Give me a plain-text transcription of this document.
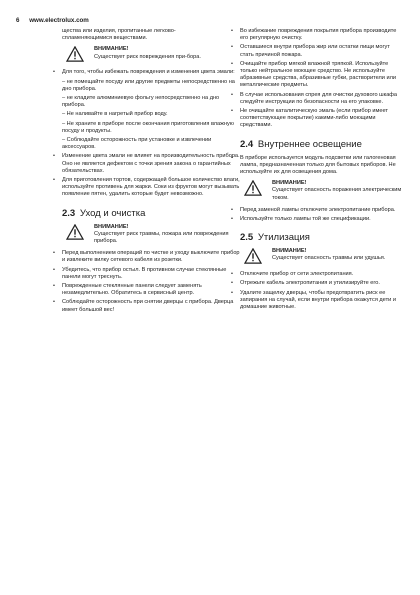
6 www.electrolux.com

щества или изделия, пропитанные легково-

спламеняющимися веществами.

ВНИМАНИЕ!
Существует риск повреждения при-бора.
• Для того, чтобы избежать повреждения и изменения цвета эмали:
– не помещайте посуду или другие предметы непосредственно на дно прибора.
– не кладите алюминиевую фольгу непосредственно на дно прибора.
– Не наливайте в нагретый прибор воду.
– Не храните в приборе после окончания приготовления влажную посуду и продукты.
– Соблюдайте осторожность при установке и извлечении аксессуаров.
• Изменение цвета эмали не влияет на производительность прибора. Оно не является дефектом с точки зрения закона о гарантийных обязательствах.
• Для приготовления тортов, содержащей большое количество влаги, используйте противень для жарки. Соки из фруктов могут вызывать появление пятен, удалить которые будет невозможно.
2.3 Уход и очистка
ВНИМАНИЕ!
Существует риск травмы, пожара или повреждения прибора.
• Перед выполнением операций по чистке и уходу выключите прибор и извлеките вилку сетевого кабеля из розетки.
• Убедитесь, что прибор остыл. В противном случае стеклянные панели могут треснуть.
• Поврежденные стеклянные панели следует заменять незамедлительно. Обратитесь в сервисный центр.
• Соблюдайте осторожность при снятии дверцы с прибора. Дверца имеет большой вес!
• Во избежание повреждения покрытия прибора производите его регулярную очистку.
• Оставшиеся внутри прибора жир или остатки пищи могут стать причиной пожара.
• Очищайте прибор мягкой влажной тряпкой. Используйте только нейтральное моющее средство. Не используйте абразивные средства, абразивные губки, растворители или металлические предметы.
• В случае использования спрея для очистки духового шкафа следуйте инструкции по безопасности на его упаковке.
• Не очищайте каталитическую эмаль (если прибор имеет соответствующее покрытие) какими-либо моющими средствами.
2.4 Внутреннее освещение
• В приборе используется модуль подсветки или галогеновая лампа, предназначенная только для бытовых приборов. Не используйте их для освещения дома.
ВНИМАНИЕ!
Существует опасность поражения электрическим током.
• Перед заменой лампы отключите электропитание прибора.
• Используйте только лампы той же спецификации.
2.5 Утилизация
ВНИМАНИЕ!
Существует опасность травмы или удушья.
• Отключите прибор от сети электропитания.
• Отрежьте кабель электропитания и утилизируйте его.
• Удалите защелку дверцы, чтобы предотвратить риск ее запирания на случай, если внутри прибора окажутся дети и домашние животные.
